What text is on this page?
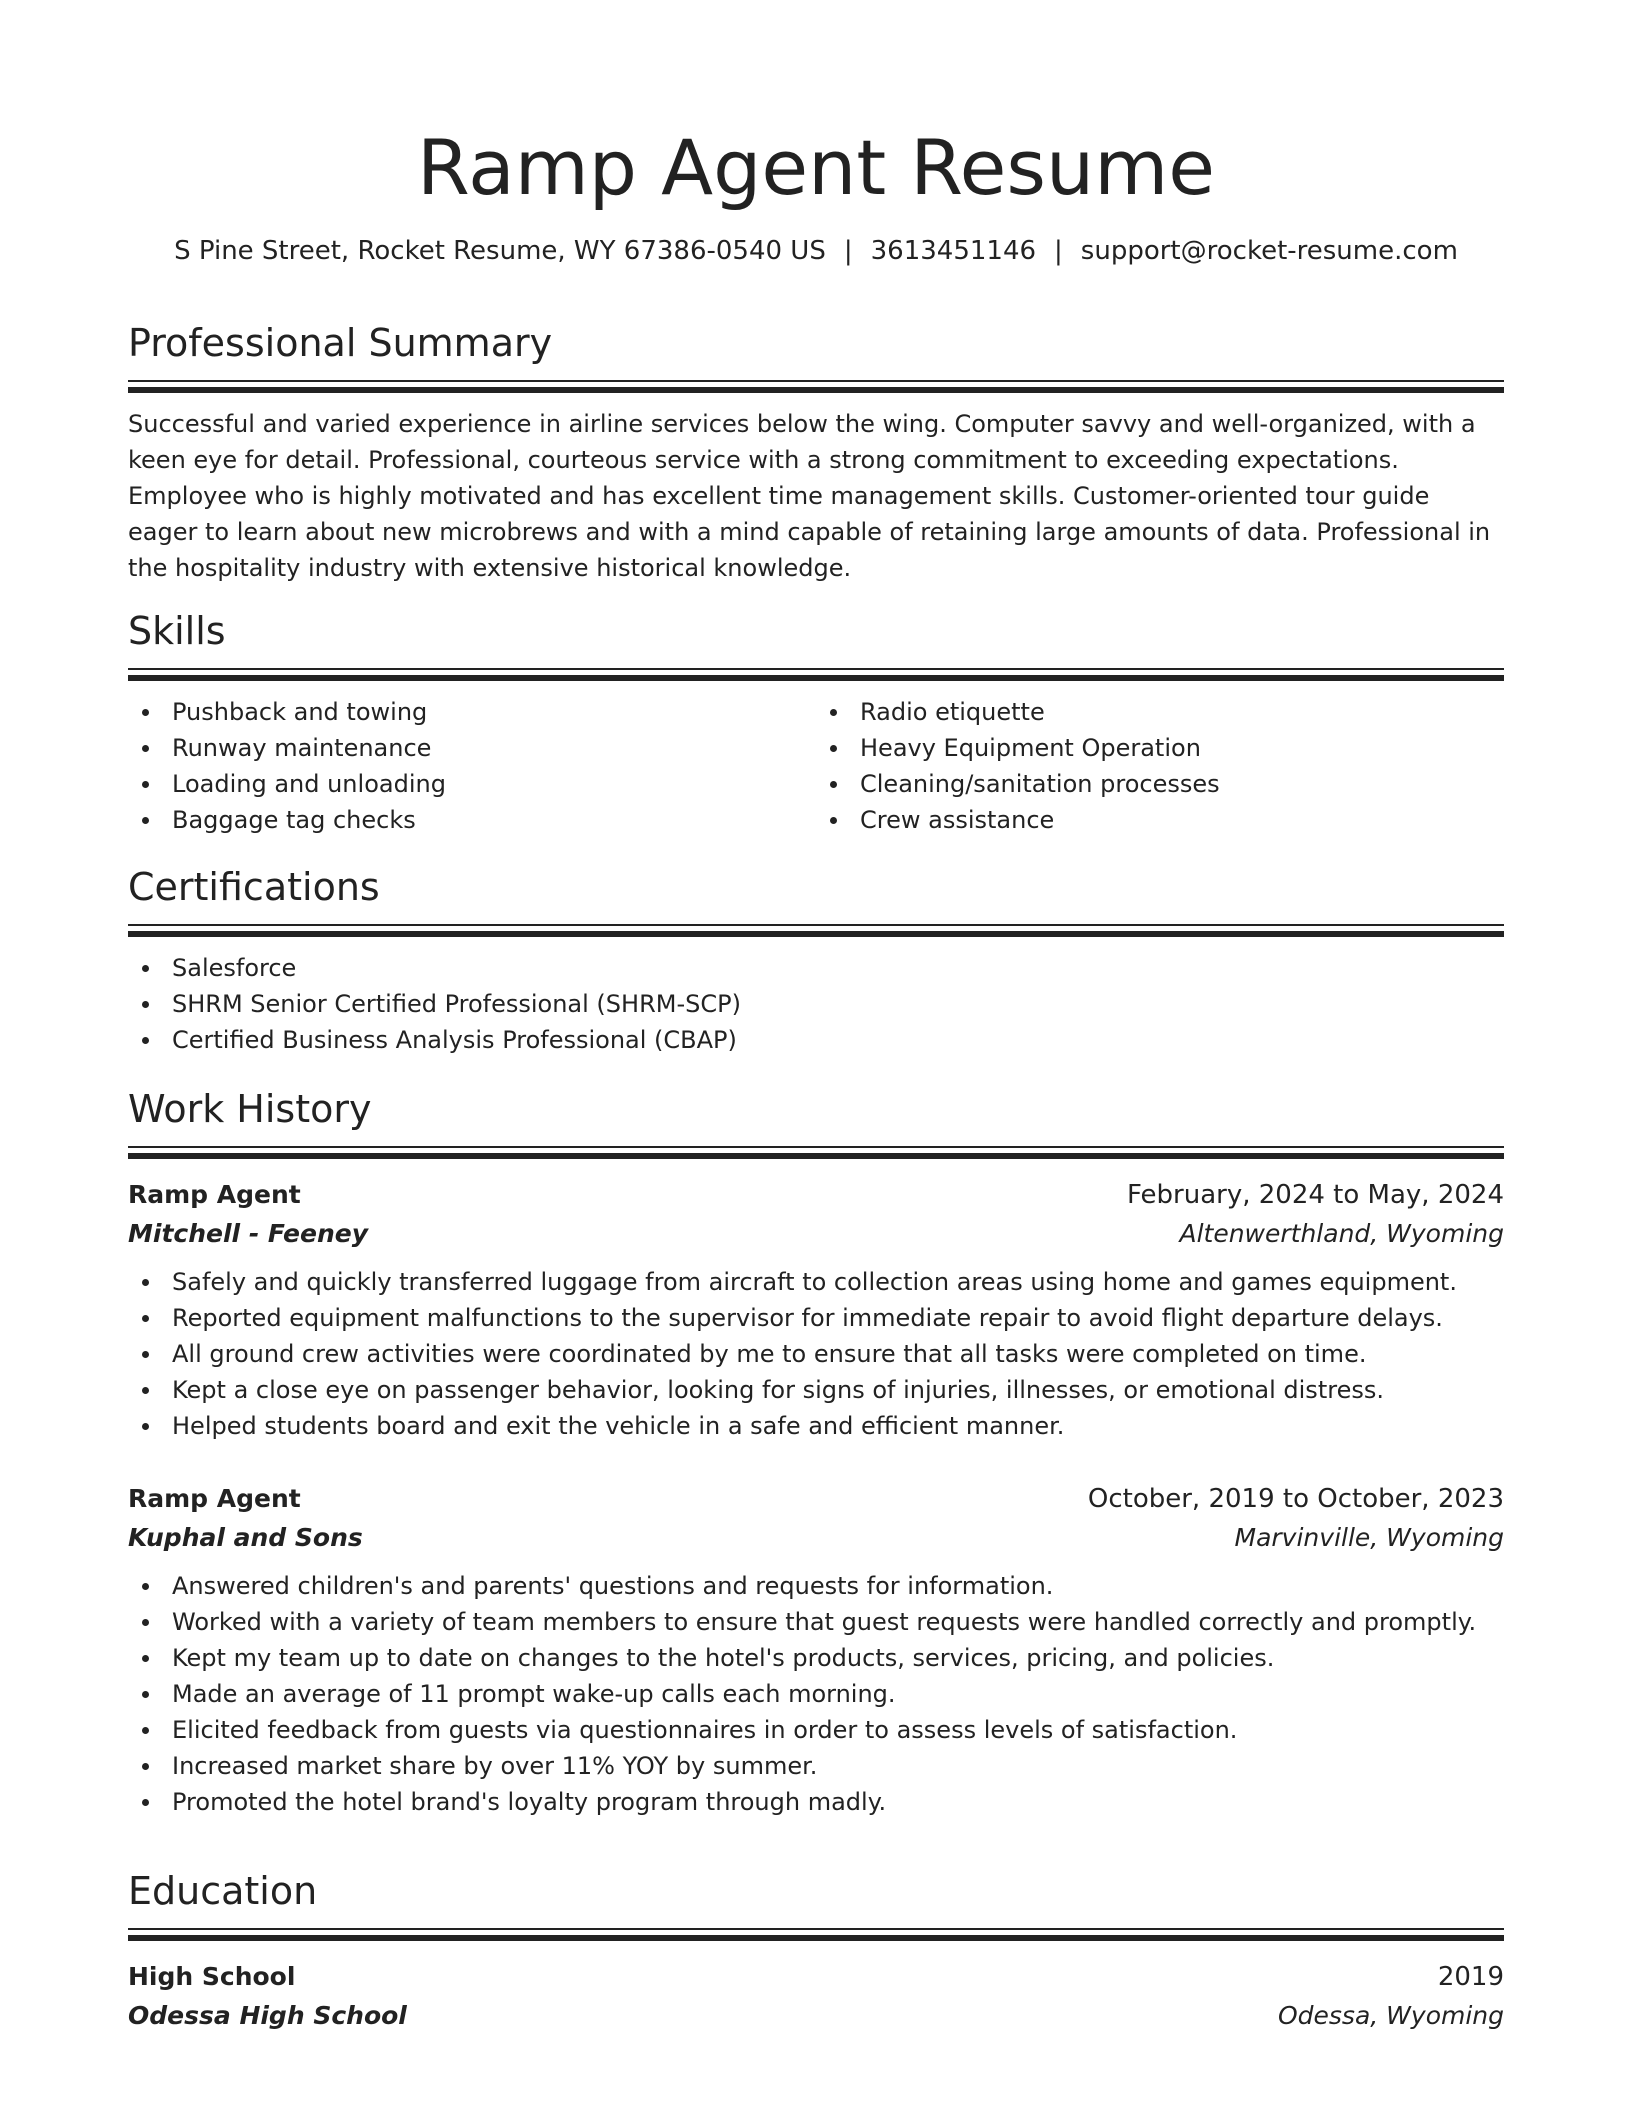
Ramp Agent Resume
S Pine Street, Rocket Resume, WY 67386-0540 US | 3613451146 | support@rocket-resume.com
Professional Summary
Successful and varied experience in airline services below the wing. Computer savvy and well-organized, with a keen eye for detail. Professional, courteous service with a strong commitment to exceeding expectations. Employee who is highly motivated and has excellent time management skills. Customer-oriented tour guide eager to learn about new microbrews and with a mind capable of retaining large amounts of data. Professional in the hospitality industry with extensive historical knowledge.
Skills
Pushback and towing
Runway maintenance
Loading and unloading
Baggage tag checks
Radio etiquette
Heavy Equipment Operation
Cleaning/sanitation processes
Crew assistance
Certifications
Salesforce
SHRM Senior Certified Professional (SHRM-SCP)
Certified Business Analysis Professional (CBAP)
Work History
Ramp Agent	February, 2024 to May, 2024
Mitchell - Feeney	Altenwerthland, Wyoming
Safely and quickly transferred luggage from aircraft to collection areas using home and games equipment.
Reported equipment malfunctions to the supervisor for immediate repair to avoid flight departure delays.
All ground crew activities were coordinated by me to ensure that all tasks were completed on time.
Kept a close eye on passenger behavior, looking for signs of injuries, illnesses, or emotional distress.
Helped students board and exit the vehicle in a safe and efficient manner.
Ramp Agent	October, 2019 to October, 2023
Kuphal and Sons	Marvinville, Wyoming
Answered children's and parents' questions and requests for information.
Worked with a variety of team members to ensure that guest requests were handled correctly and promptly.
Kept my team up to date on changes to the hotel's products, services, pricing, and policies.
Made an average of 11 prompt wake-up calls each morning.
Elicited feedback from guests via questionnaires in order to assess levels of satisfaction.
Increased market share by over 11% YOY by summer.
Promoted the hotel brand's loyalty program through madly.
Education
High School	2019
Odessa High School	Odessa, Wyoming
